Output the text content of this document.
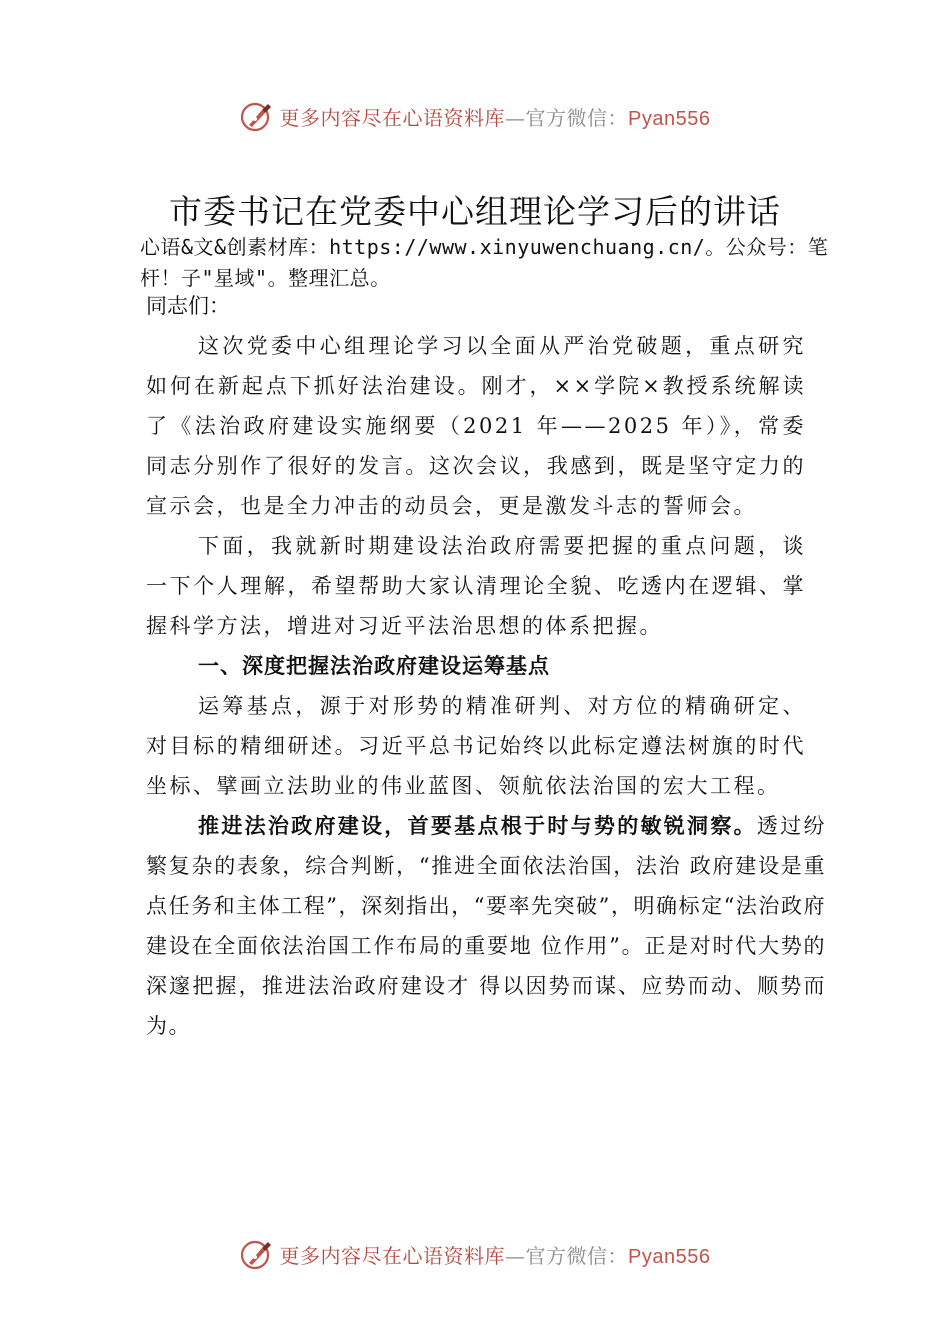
更多内容尽在心语资料库—官方微信：Pyan556
市委书记在党委中心组理论学习后的讲话
心语&文&创素材库：https://www.xinyuwenchuang.cn/。公众号：笔杆！子"星域"。整理汇总。
同志们：

这次党委中心组理论学习以全面从严治党破题，重点研究如何在新起点下抓好法治建设。刚才，××学院×教授系统解读了《法治政府建设实施纲要（2021 年——2025 年）》，常委同志分别作了很好的发言。这次会议，我感到，既是坚守定力的宣示会，也是全力冲击的动员会，更是激发斗志的誓师会。

下面，我就新时期建设法治政府需要把握的重点问题，谈一下个人理解，希望帮助大家认清理论全貌、吃透内在逻辑、掌握科学方法，增进对习近平法治思想的体系把握。

一、深度把握法治政府建设运筹基点

运筹基点，源于对形势的精准研判、对方位的精确研定、对目标的精细研述。习近平总书记始终以此标定遵法树旗的时代坐标、擘画立法助业的伟业蓝图、领航依法治国的宏大工程。

推进法治政府建设，首要基点根于时与势的敏锐洞察。透过纷繁复杂的表象，综合判断，“推进全面依法治国，法治 政府建设是重点任务和主体工程”，深刻指出，“要率先突破”，明确标定“法治政府建设在全面依法治国工作布局的重要地 位作用”。正是对时代大势的深邃把握，推进法治政府建设才 得以因势而谋、应势而动、顺势而为。

更多内容尽在心语资料库—官方微信：Pyan556
